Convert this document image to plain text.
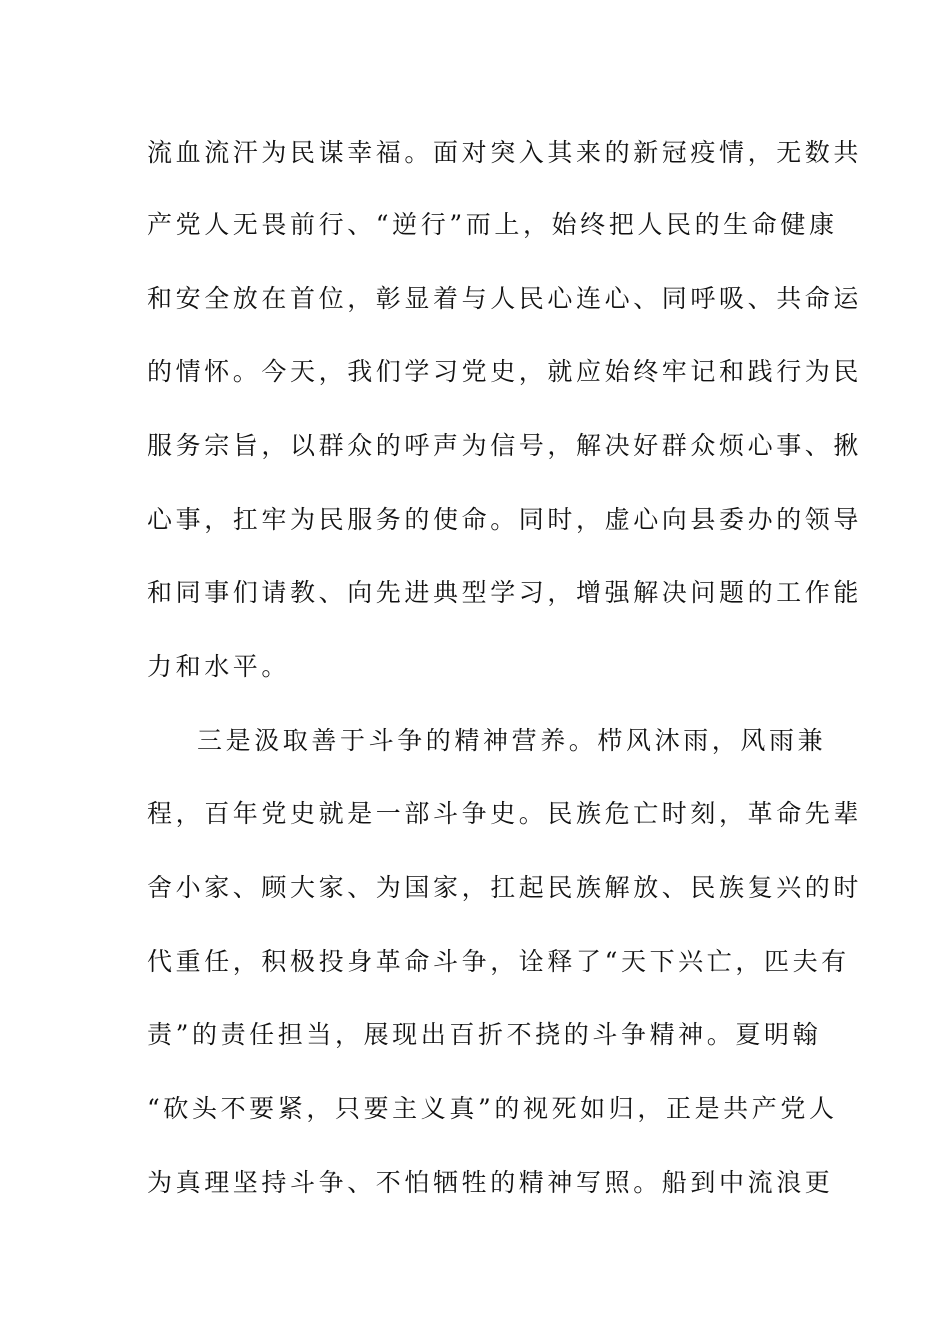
流血流汗为民谋幸福。面对突入其来的新冠疫情，无数共

产党人无畏前行、“逆行”而上，始终把人民的生命健康

和安全放在首位，彰显着与人民心连心、同呼吸、共命运

的情怀。今天，我们学习党史，就应始终牢记和践行为民

服务宗旨，以群众的呼声为信号，解决好群众烦心事、揪

心事，扛牢为民服务的使命。同时，虚心向县委办的领导

和同事们请教、向先进典型学习，增强解决问题的工作能

力和水平。

三是汲取善于斗争的精神营养。栉风沐雨，风雨兼

程，百年党史就是一部斗争史。民族危亡时刻，革命先辈

舍小家、顾大家、为国家，扛起民族解放、民族复兴的时

代重任，积极投身革命斗争，诠释了“天下兴亡，匹夫有

责”的责任担当，展现出百折不挠的斗争精神。夏明翰

“砍头不要紧，只要主义真”的视死如归，正是共产党人

为真理坚持斗争、不怕牺牲的精神写照。船到中流浪更
